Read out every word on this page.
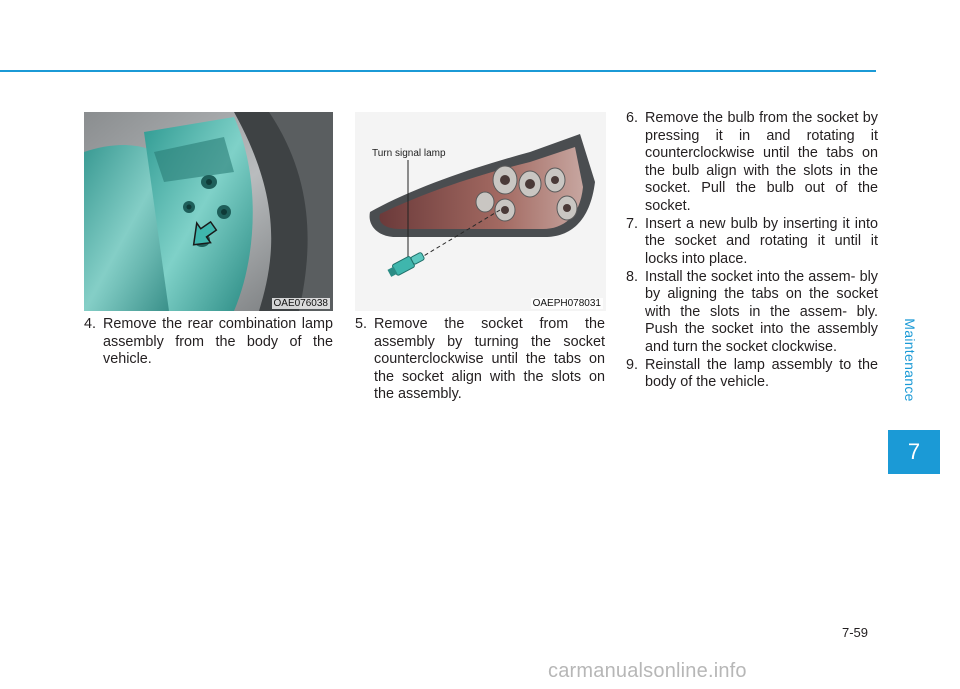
Maintenance
7
OAE076038
Turn signal lamp
OAEPH078031
4. Remove the rear combination lamp assembly from the body of the vehicle.
5. Remove the socket from the assembly by turning the socket counterclockwise until the tabs on the socket align with the slots on the assembly.
6. Remove the bulb from the socket by pressing it in and rotating it counterclockwise until the tabs on the bulb align with the slots in the socket. Pull the bulb out of the socket.
7. Insert a new bulb by inserting it into the socket and rotating it until it locks into place.
8. Install the socket into the assem- bly by aligning the tabs on the socket with the slots in the assem- bly. Push the socket into the assembly and turn the socket clockwise.
9. Reinstall the lamp assembly to the body of the vehicle.
7-59
carmanualsonline.info
